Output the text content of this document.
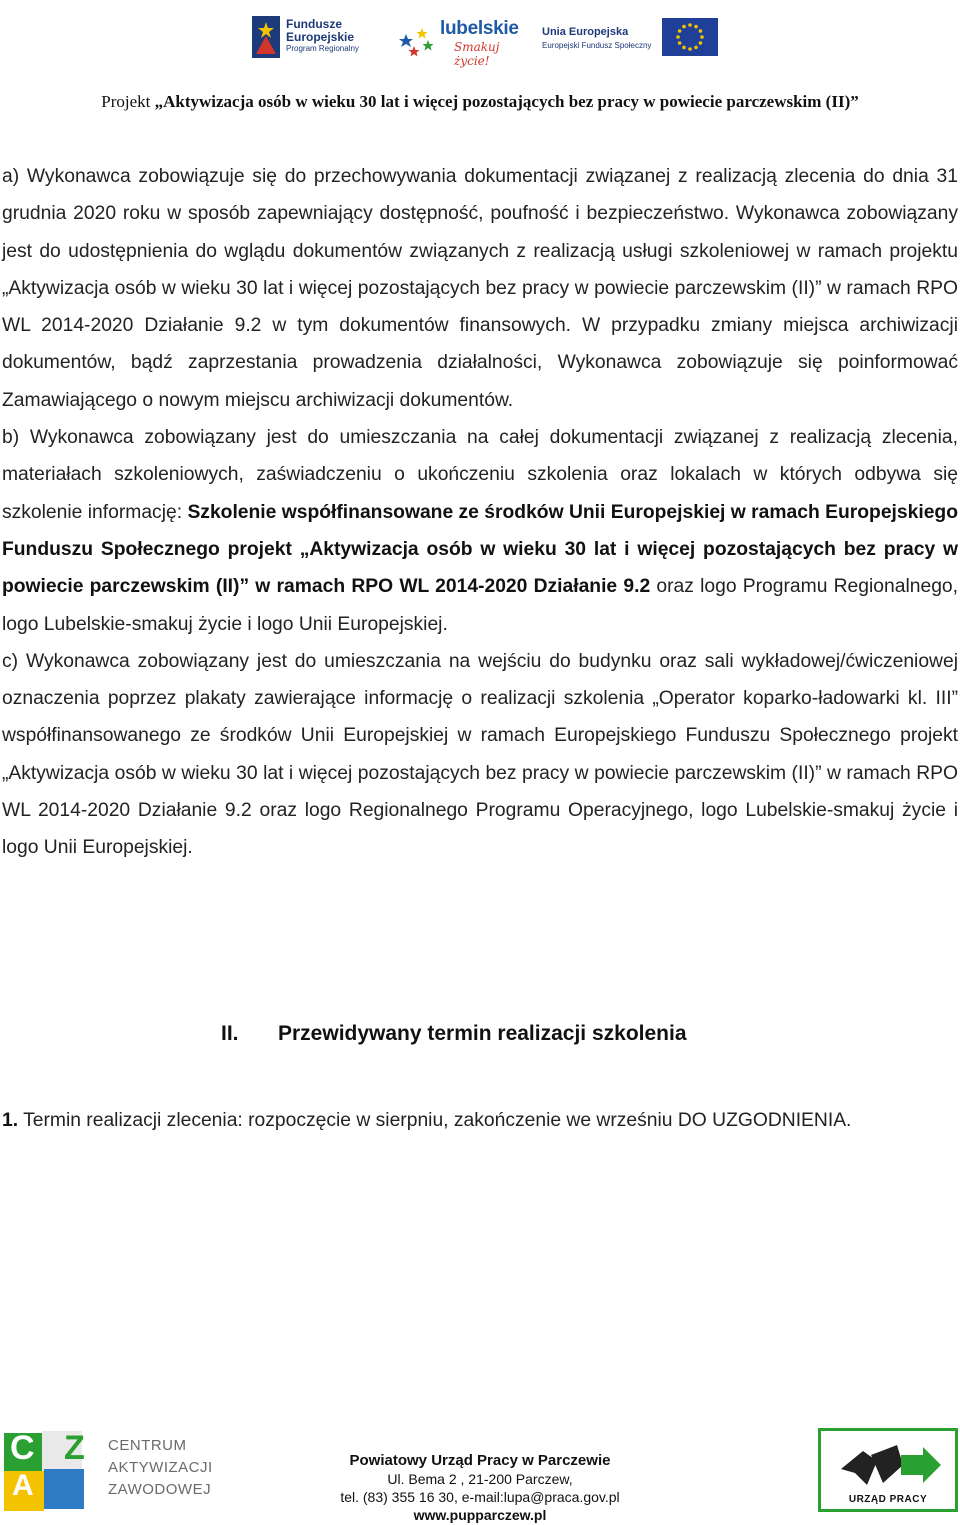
Fundusze
Europejskie
Program Regionalny
lubelskie
Smakuj życie!
Unia Europejska
Europejski Fundusz Społeczny
Projekt „Aktywizacja osób w wieku 30 lat i więcej pozostających bez pracy w powiecie parczewskim (II)”

a) Wykonawca zobowiązuje się do przechowywania dokumentacji związanej z realizacją zlecenia do dnia 31 grudnia 2020 roku w sposób zapewniający dostępność, poufność i bezpieczeństwo. Wykonawca zobowiązany jest do udostępnienia do wglądu dokumentów związanych z realizacją usługi szkoleniowej w ramach projektu „Aktywizacja osób w wieku 30 lat i więcej pozostających bez pracy w powiecie parczewskim (II)” w ramach RPO WL 2014-2020 Działanie 9.2 w tym dokumentów finansowych. W przypadku zmiany miejsca archiwizacji dokumentów, bądź zaprzestania prowadzenia działalności, Wykonawca zobowiązuje się poinformować Zamawiającego o nowym miejscu archiwizacji dokumentów.

b) Wykonawca zobowiązany jest do umieszczania na całej dokumentacji związanej z realizacją zlecenia, materiałach szkoleniowych, zaświadczeniu o ukończeniu szkolenia oraz lokalach w których odbywa się szkolenie informację: Szkolenie współfinansowane ze środków Unii Europejskiej w ramach Europejskiego Funduszu Społecznego projekt „Aktywizacja osób w wieku 30 lat i więcej pozostających bez pracy w powiecie parczewskim (II)” w ramach RPO WL 2014-2020 Działanie 9.2 oraz logo Programu Regionalnego, logo Lubelskie-smakuj życie i logo Unii Europejskiej.

c) Wykonawca zobowiązany jest do umieszczania na wejściu do budynku oraz sali wykładowej/ćwiczeniowej oznaczenia poprzez plakaty zawierające informację o realizacji szkolenia „Operator koparko-ładowarki kl. III” współfinansowanego ze środków Unii Europejskiej w ramach Europejskiego Funduszu Społecznego projekt „Aktywizacja osób w wieku 30 lat i więcej pozostających bez pracy w powiecie parczewskim (II)” w ramach RPO WL 2014-2020 Działanie 9.2 oraz logo Regionalnego Programu Operacyjnego, logo Lubelskie-smakuj życie i logo Unii Europejskiej.

II. Przewidywany termin realizacji szkolenia

1. Termin realizacji zlecenia: rozpoczęcie w sierpniu, zakończenie we wrześniu DO UZGODNIENIA.

C
A
Z CENTRUM
AKTYWIZACJI
ZAWODOWEJ
Powiatowy Urząd Pracy w Parczewie
Ul. Bema 2 , 21-200 Parczew,
tel. (83) 355 16 30, e-mail:lupa@praca.gov.pl
www.pupparczew.pl
URZĄD PRACY
